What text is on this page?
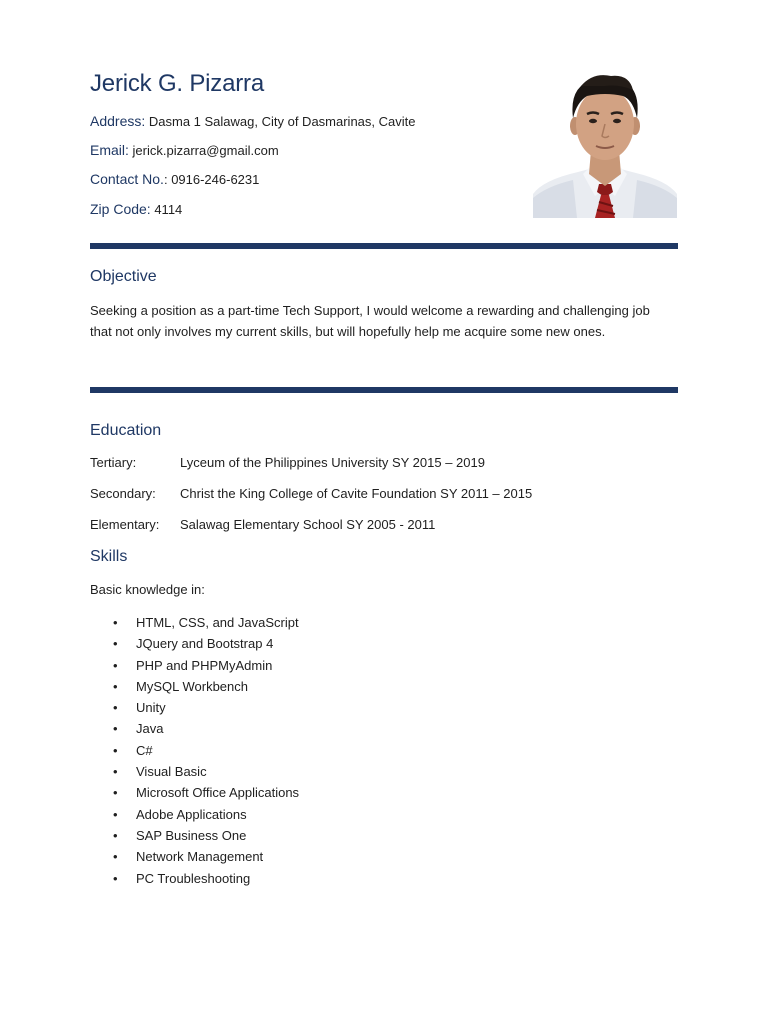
Jerick G. Pizarra
Address: Dasma 1 Salawag, City of Dasmarinas, Cavite
Email: jerick.pizarra@gmail.com
Contact No.: 0916-246-6231
Zip Code: 4114
Objective
Seeking a position as a part-time Tech Support, I would welcome a rewarding and challenging job
that not only involves my current skills, but will hopefully help me acquire some new ones.
Education
Tertiary:	Lyceum of the Philippines University SY 2015 – 2019
Secondary: Christ the King College of Cavite Foundation SY 2011 – 2015
Elementary: Salawag Elementary School SY 2005 - 2011
Skills
Basic knowledge in:
• HTML, CSS, and JavaScript
• JQuery and Bootstrap 4
• PHP and PHPMyAdmin
• MySQL Workbench
• Unity
• Java
• C#
• Visual Basic
• Microsoft Office Applications
• Adobe Applications
• SAP Business One
• Network Management
• PC Troubleshooting
